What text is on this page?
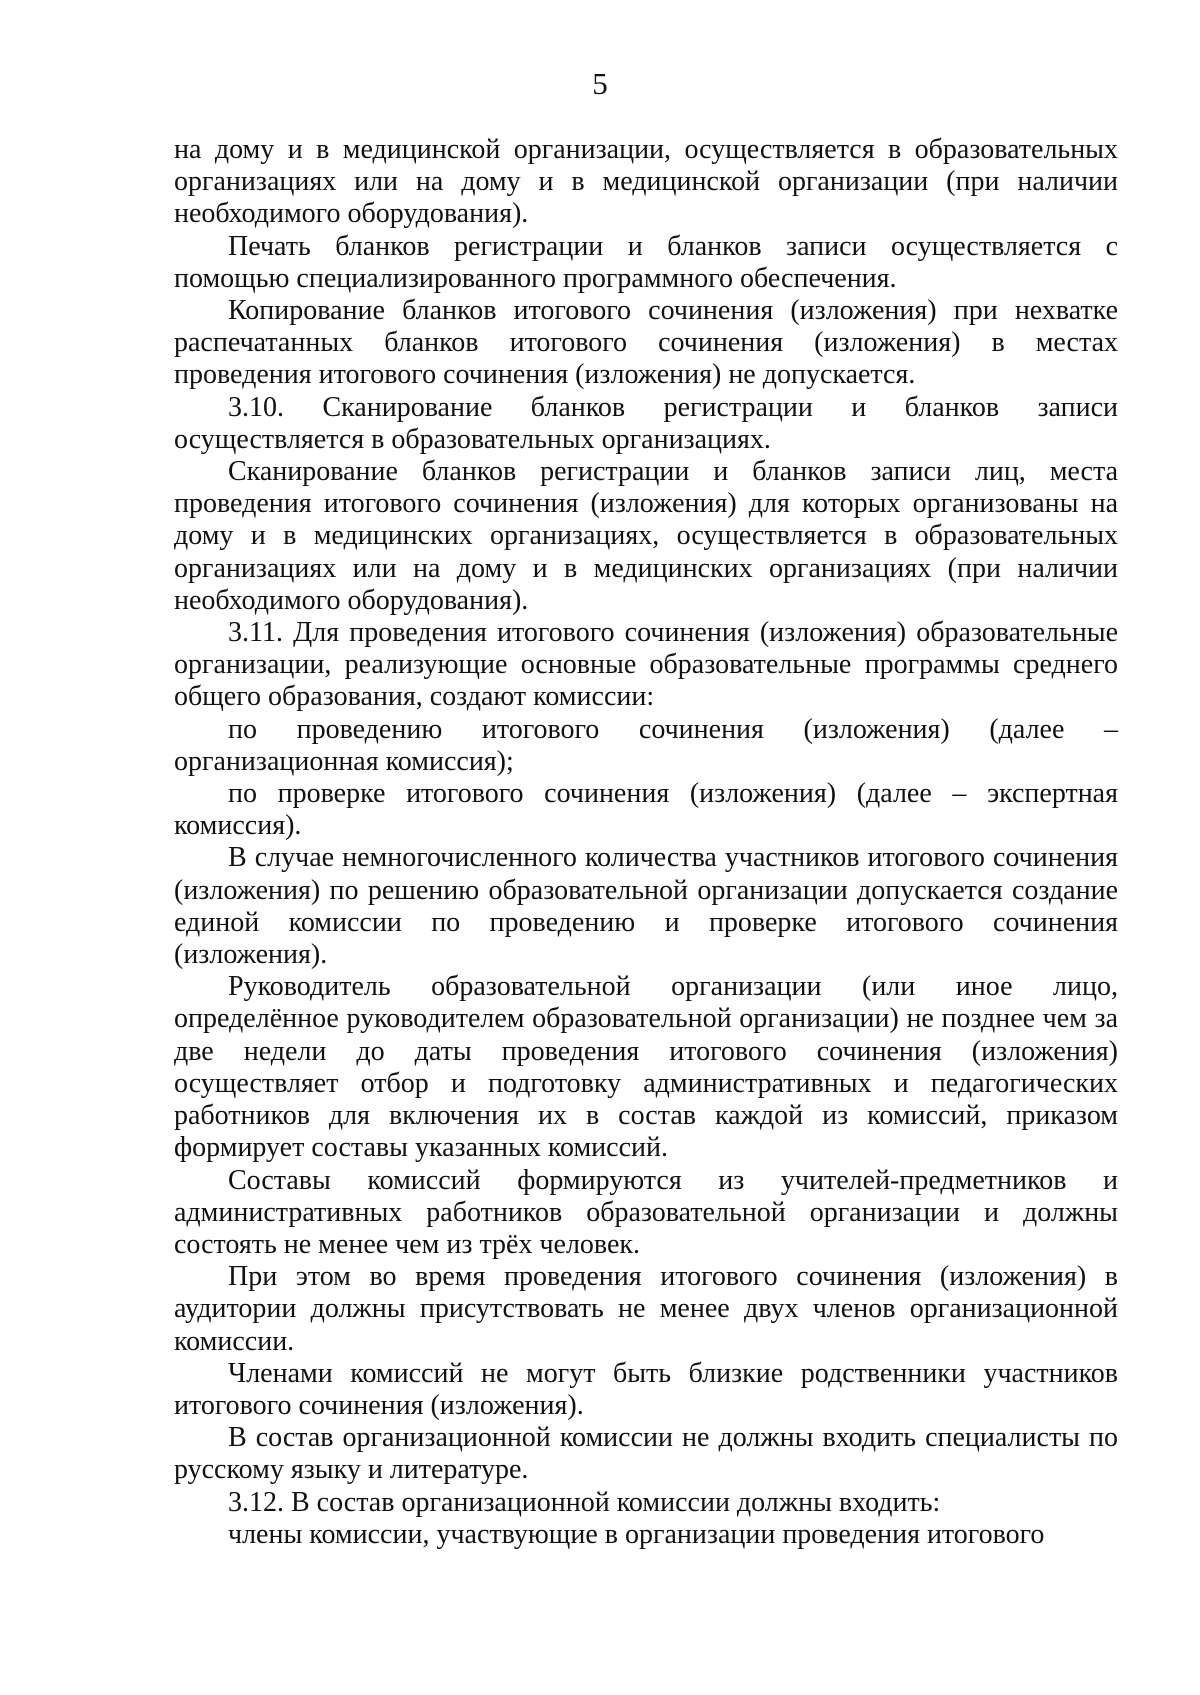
5

на дому и в медицинской организации, осуществляется в образовательных организациях или на дому и в медицинской организации (при наличии необходимого оборудования).

Печать бланков регистрации и бланков записи осуществляется с помощью специализированного программного обеспечения.

Копирование бланков итогового сочинения (изложения) при нехватке распечатанных бланков итогового сочинения (изложения) в местах проведения итогового сочинения (изложения) не допускается.

3.10. Сканирование бланков регистрации и бланков записи осуществляется в образовательных организациях.

Сканирование бланков регистрации и бланков записи лиц, места проведения итогового сочинения (изложения) для которых организованы на дому и в медицинских организациях, осуществляется в образовательных организациях или на дому и в медицинских организациях (при наличии необходимого оборудования).

3.11. Для проведения итогового сочинения (изложения) образовательные организации, реализующие основные образовательные программы среднего общего образования, создают комиссии:

по проведению итогового сочинения (изложения) (далее – организационная комиссия);

по проверке итогового сочинения (изложения) (далее – экспертная комиссия).

В случае немногочисленного количества участников итогового сочинения (изложения) по решению образовательной организации допускается создание единой комиссии по проведению и проверке итогового сочинения (изложения).

Руководитель образовательной организации (или иное лицо, определённое руководителем образовательной организации) не позднее чем за две недели до даты проведения итогового сочинения (изложения) осуществляет отбор и подготовку административных и педагогических работников для включения их в состав каждой из комиссий, приказом формирует составы указанных комиссий.

Составы комиссий формируются из учителей-предметников и административных работников образовательной организации и должны состоять не менее чем из трёх человек.

При этом во время проведения итогового сочинения (изложения) в аудитории должны присутствовать не менее двух членов организационной комиссии.

Членами комиссий не могут быть близкие родственники участников итогового сочинения (изложения).

В состав организационной комиссии не должны входить специалисты по русскому языку и литературе.

3.12. В состав организационной комиссии должны входить:

члены комиссии, участвующие в организации проведения итогового
